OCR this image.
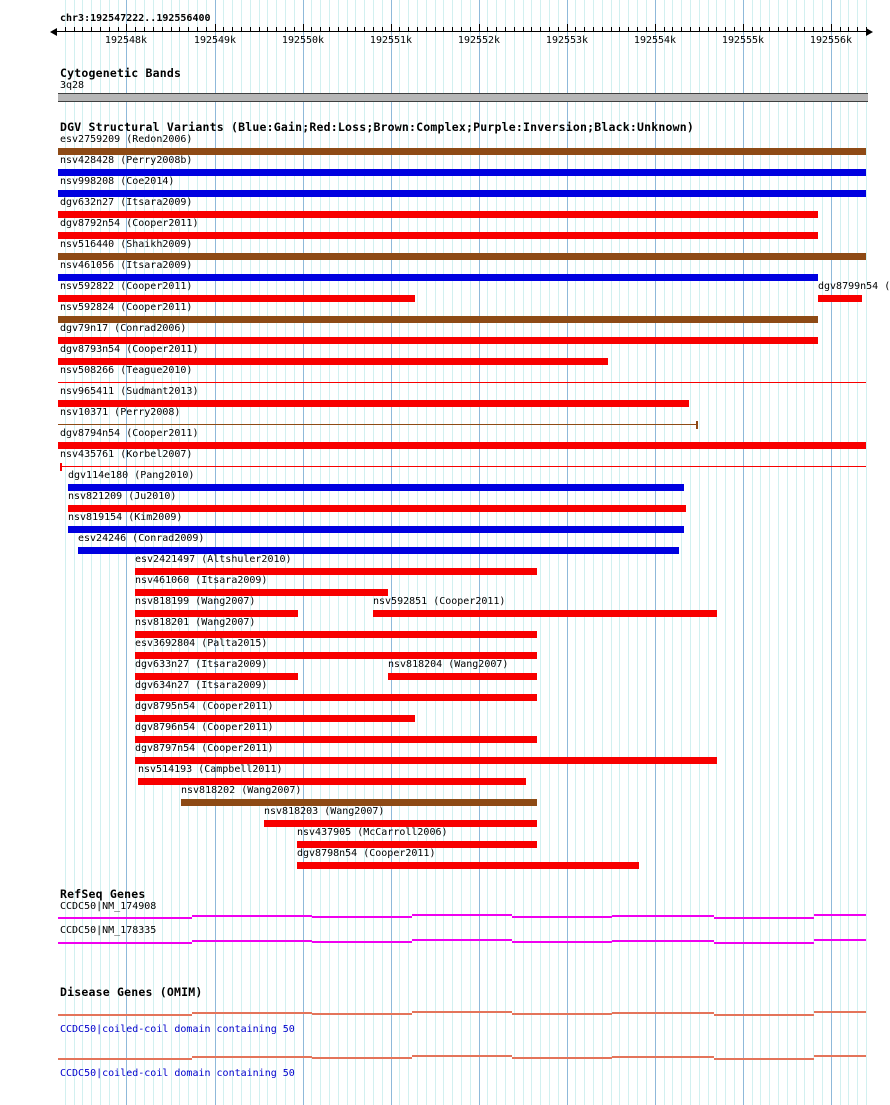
chr3:192547222..192556400
192548k	192549k	192550k	192551k	192552k	192553k	192554k	192555k	192556k
Cytogenetic Bands
3q28
DGV Structural Variants (Blue:Gain;Red:Loss;Brown:Complex;Purple:Inversion;Black:Unknown)
esv2759209 (Redon2006)
nsv428428 (Perry2008b)
nsv998208 (Coe2014)
dgv632n27 (Itsara2009)
dgv8792n54 (Cooper2011)
nsv516440 (Shaikh2009)
nsv461056 (Itsara2009)
nsv592822 (Cooper2011)	dgv8799n54 (
nsv592824 (Cooper2011)
dgv79n17 (Conrad2006)
dgv8793n54 (Cooper2011)
nsv508266 (Teague2010)
nsv965411 (Sudmant2013)
nsv10371 (Perry2008)
dgv8794n54 (Cooper2011)
nsv435761 (Korbel2007)
dgv114e180 (Pang2010)
nsv821209 (Ju2010)
nsv819154 (Kim2009)
esv24246 (Conrad2009)
esv2421497 (Altshuler2010)
nsv461060 (Itsara2009)
nsv818199 (Wang2007)	nsv592851 (Cooper2011)
nsv818201 (Wang2007)
esv3692804 (Palta2015)
dgv633n27 (Itsara2009)	nsv818204 (Wang2007)
dgv634n27 (Itsara2009)
dgv8795n54 (Cooper2011)
dgv8796n54 (Cooper2011)
dgv8797n54 (Cooper2011)
nsv514193 (Campbell2011)
nsv818202 (Wang2007)
nsv818203 (Wang2007)
nsv437905 (McCarroll2006)
dgv8798n54 (Cooper2011)
RefSeq Genes
CCDC50|NM_174908
CCDC50|NM_178335
Disease Genes (OMIM)
CCDC50|coiled-coil domain containing 50
CCDC50|coiled-coil domain containing 50
